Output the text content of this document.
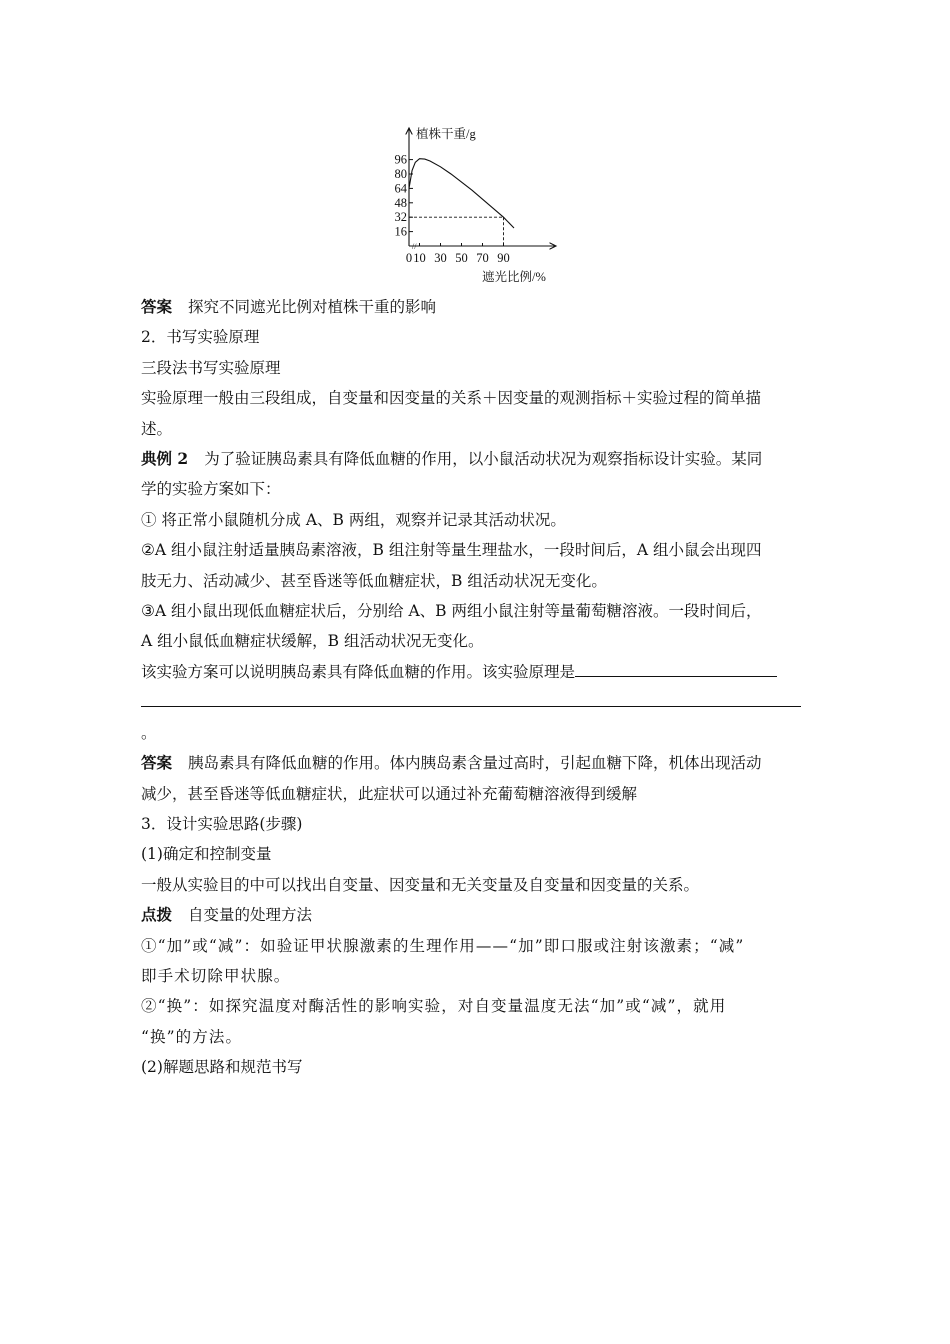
植株干重/g
遮光比例/%
16
32
48
64
80
96
0 10 30 50 70 90
//

答案 探究不同遮光比例对植株干重的影响

2．书写实验原理

三段法书写实验原理

实验原理一般由三段组成，自变量和因变量的关系＋因变量的观测指标＋实验过程的简单描

述。

典例 2 为了验证胰岛素具有降低血糖的作用，以小鼠活动状况为观察指标设计实验。某同

学的实验方案如下：

① 将正常小鼠随机分成 A、B 两组，观察并记录其活动状况。

②A 组小鼠注射适量胰岛素溶液，B 组注射等量生理盐水，一段时间后，A 组小鼠会出现四

肢无力、活动减少、甚至昏迷等低血糖症状，B 组活动状况无变化。

③A 组小鼠出现低血糖症状后，分别给 A、B 两组小鼠注射等量葡萄糖溶液。一段时间后，

A 组小鼠低血糖症状缓解，B 组活动状况无变化。

该实验方案可以说明胰岛素具有降低血糖的作用。该实验原理是

。

答案 胰岛素具有降低血糖的作用。体内胰岛素含量过高时，引起血糖下降，机体出现活动

减少，甚至昏迷等低血糖症状，此症状可以通过补充葡萄糖溶液得到缓解

3．设计实验思路(步骤)

(1)确定和控制变量

一般从实验目的中可以找出自变量、因变量和无关变量及自变量和因变量的关系。

点拨 自变量的处理方法

①“加”或“减”：如验证甲状腺激素的生理作用——“加”即口服或注射该激素；“减”

即手术切除甲状腺。

②“换”：如探究温度对酶活性的影响实验，对自变量温度无法“加”或“减”，就用

“换”的方法。

(2)解题思路和规范书写
